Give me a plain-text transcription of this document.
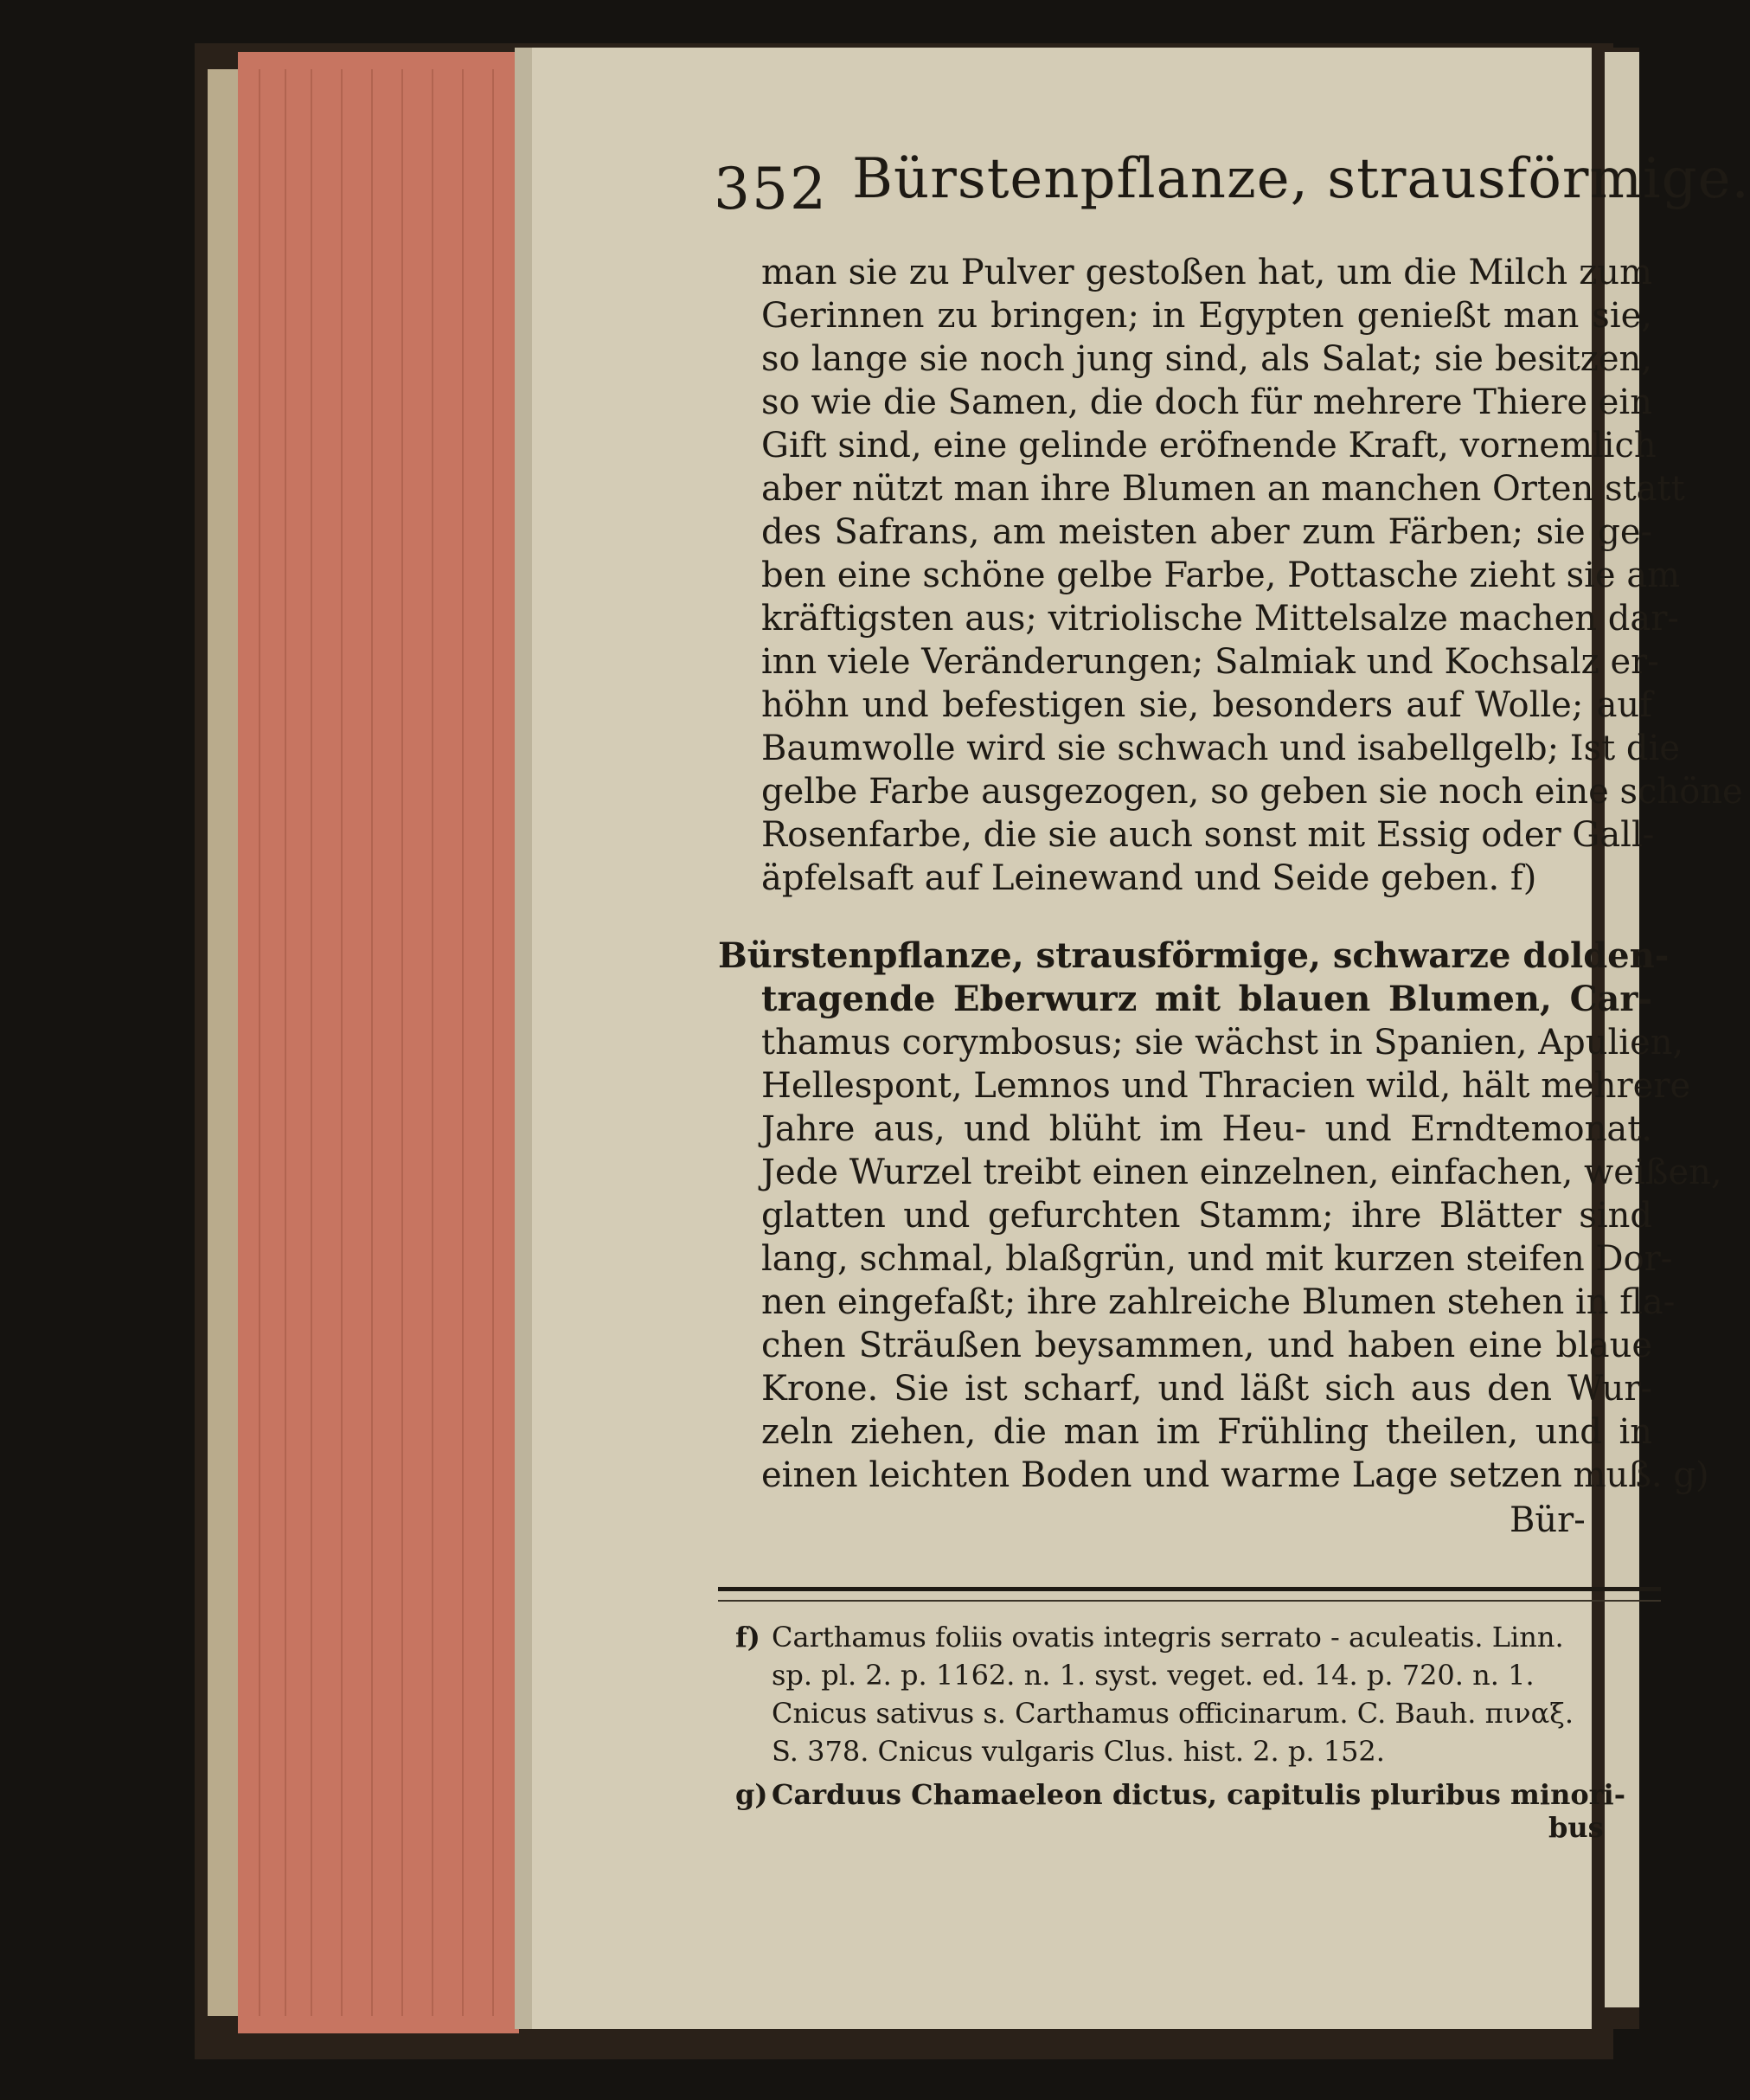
352 Bürstenpflanze, strausförmige.
man sie zu Pulver gestoßen hat, um die Milch zum
Gerinnen zu bringen; in Egypten genießt man sie,
so lange sie noch jung sind, als Salat; sie besitzen,
so wie die Samen, die doch für mehrere Thiere ein
Gift sind, eine gelinde eröfnende Kraft, vornemlich
aber nützt man ihre Blumen an manchen Orten statt
des Safrans, am meisten aber zum Färben; sie ge-
ben eine schöne gelbe Farbe, Pottasche zieht sie am
kräftigsten aus; vitriolische Mittelsalze machen dar-
inn viele Veränderungen; Salmiak und Kochsalz er-
höhn und befestigen sie, besonders auf Wolle; auf
Baumwolle wird sie schwach und isabellgelb; Ist die
gelbe Farbe ausgezogen, so geben sie noch eine schöne
Rosenfarbe, die sie auch sonst mit Essig oder Gall-
äpfelsaft auf Leinewand und Seide geben. f)
Bürstenpflanze, strausförmige, schwarze dolden-
tragende Eberwurz mit blauen Blumen, Car-
thamus corymbosus; sie wächst in Spanien, Apulien,
Hellespont, Lemnos und Thracien wild, hält mehrere
Jahre aus, und blüht im Heu- und Erndtemonat.
Jede Wurzel treibt einen einzelnen, einfachen, weißen,
glatten und gefurchten Stamm; ihre Blätter sind
lang, schmal, blaßgrün, und mit kurzen steifen Dor-
nen eingefaßt; ihre zahlreiche Blumen stehen in fla-
chen Sträußen beysammen, und haben eine blaue
Krone. Sie ist scharf, und läßt sich aus den Wur-
zeln ziehen, die man im Frühling theilen, und in
einen leichten Boden und warme Lage setzen muß. g)
Bür-
f) Carthamus foliis ovatis integris serrato - aculeatis. Linn.
sp. pl. 2. p. 1162. n. 1. syst. veget. ed. 14. p. 720. n. 1.
Cnicus sativus s. Carthamus officinarum. C. Bauh. πιναξ.
S. 378. Cnicus vulgaris Clus. hist. 2. p. 152.
g) Carduus Chamaeleon dictus, capitulis pluribus minori-
bus
